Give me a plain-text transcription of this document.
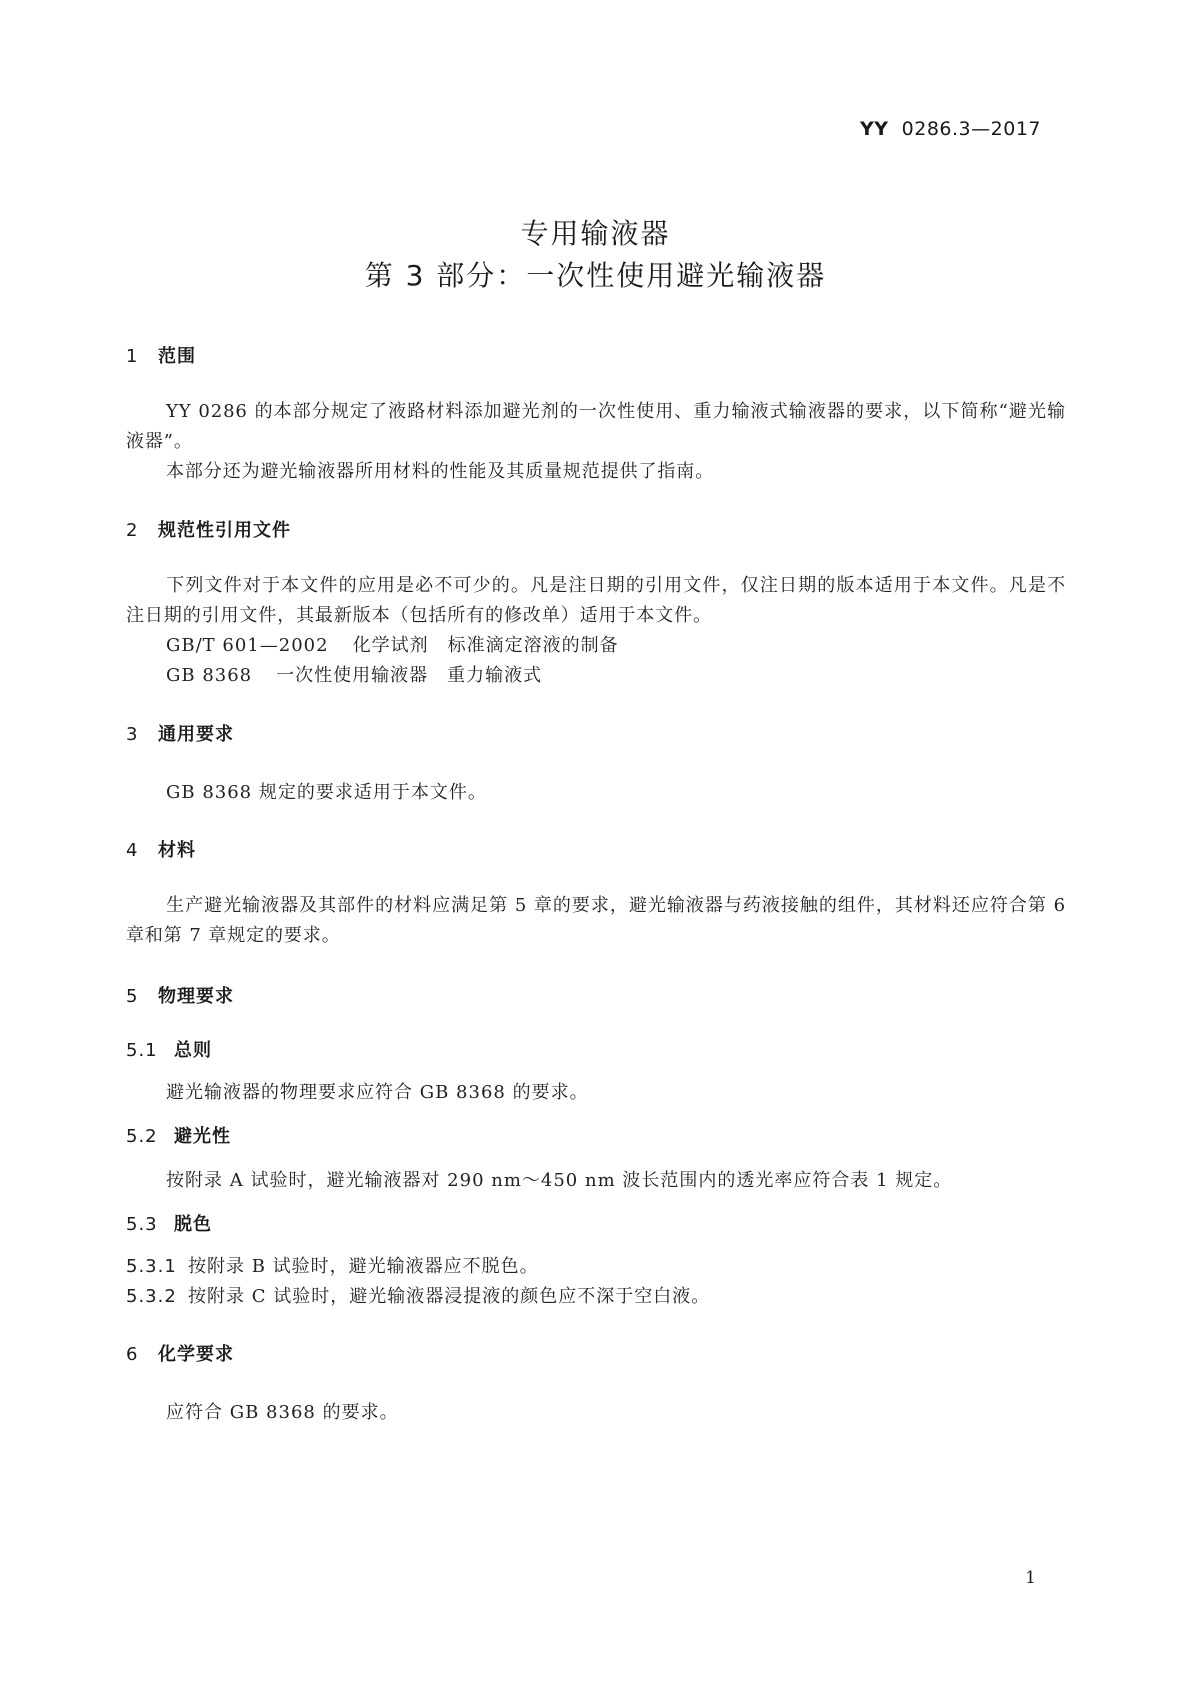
YY 0286.3—2017
专用输液器
第 3 部分：一次性使用避光输液器
1 范围
YY 0286 的本部分规定了液路材料添加避光剂的一次性使用、重力输液式输液器的要求，以下简称“避光输液器”。
本部分还为避光输液器所用材料的性能及其质量规范提供了指南。
2 规范性引用文件
下列文件对于本文件的应用是必不可少的。凡是注日期的引用文件，仅注日期的版本适用于本文件。凡是不注日期的引用文件，其最新版本（包括所有的修改单）适用于本文件。
GB/T 601—2002 化学试剂　标准滴定溶液的制备
GB 8368 一次性使用输液器　重力输液式
3 通用要求
GB 8368 规定的要求适用于本文件。
4 材料
生产避光输液器及其部件的材料应满足第 5 章的要求，避光输液器与药液接触的组件，其材料还应符合第 6 章和第 7 章规定的要求。
5 物理要求
5.1 总则
避光输液器的物理要求应符合 GB 8368 的要求。
5.2 避光性
按附录 A 试验时，避光输液器对 290 nm～450 nm 波长范围内的透光率应符合表 1 规定。
5.3 脱色
5.3.1 按附录 B 试验时，避光输液器应不脱色。
5.3.2 按附录 C 试验时，避光输液器浸提液的颜色应不深于空白液。
6 化学要求
应符合 GB 8368 的要求。
1
